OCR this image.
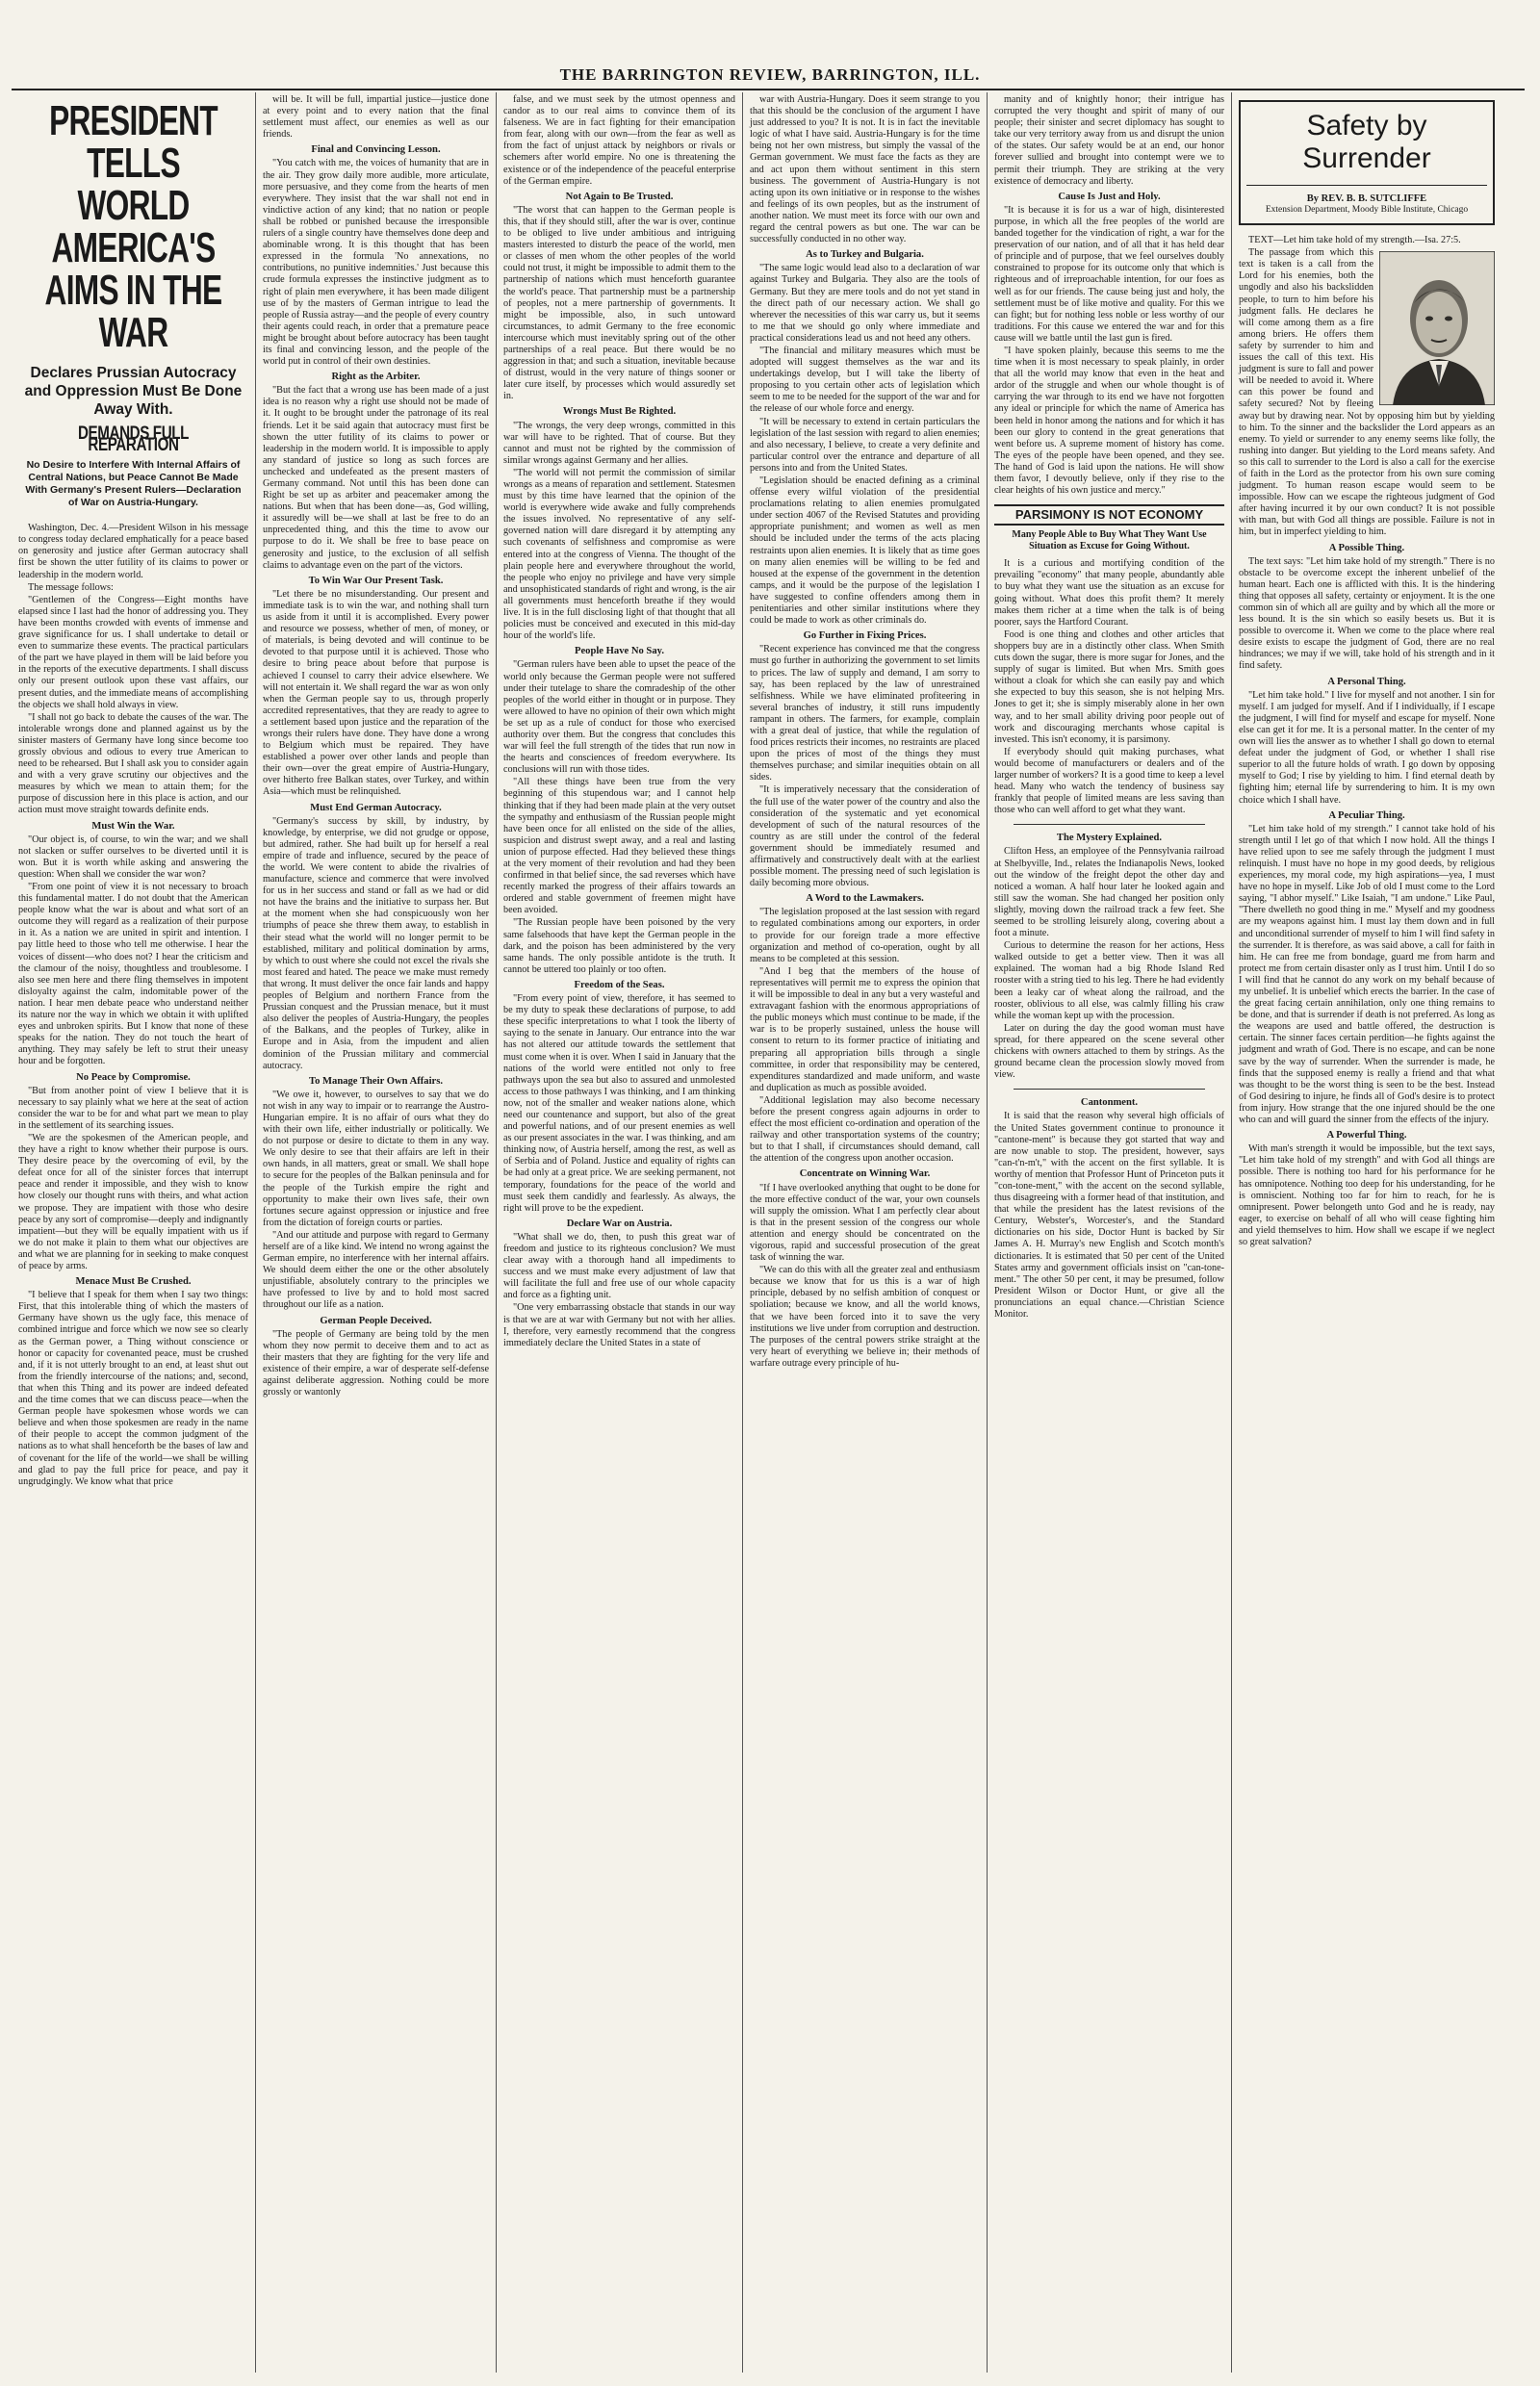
THE BARRINGTON REVIEW, BARRINGTON, ILL.
PRESIDENT TELLS
WORLD AMERICA'S
AIMS IN THE WAR
Declares Prussian Autocracy and Oppression Must Be Done Away With.
DEMANDS FULL REPARATION
No Desire to Interfere With Internal Affairs of Central Nations, but Peace Cannot Be Made With Germany's Present Rulers—Declaration of War on Austria-Hungary.

Washington, Dec. 4.—President Wilson in his message to congress today declared emphatically for a peace based on generosity and justice after German autocracy shall first be shown the utter futility of its claims to power or leadership in the modern world.

The message follows:

"Gentlemen of the Congress—Eight months have elapsed since I last had the honor of addressing you. They have been months crowded with events of immense and grave significance for us. I shall undertake to detail or even to summarize these events. The practical particulars of the part we have played in them will be laid before you in the reports of the executive departments. I shall discuss only our present outlook upon these vast affairs, our present duties, and the immediate means of accomplishing the objects we shall hold always in view.

"I shall not go back to debate the causes of the war. The intolerable wrongs done and planned against us by the sinister masters of Germany have long since become too grossly obvious and odious to every true American to need to be rehearsed. But I shall ask you to consider again and with a very grave scrutiny our objectives and the measures by which we mean to attain them; for the purpose of discussion here in this place is action, and our action must move straight towards definite ends.

Must Win the War.

"Our object is, of course, to win the war; and we shall not slacken or suffer ourselves to be diverted until it is won. But it is worth while asking and answering the question: When shall we consider the war won?

"From one point of view it is not necessary to broach this fundamental matter. I do not doubt that the American people know what the war is about and what sort of an outcome they will regard as a realization of their purpose in it. As a nation we are united in spirit and intention. I pay little heed to those who tell me otherwise. I hear the voices of dissent—who does not? I hear the criticism and the clamour of the noisy, thoughtless and troublesome. I also see men here and there fling themselves in impotent disloyalty against the calm, indomitable power of the nation. I hear men debate peace who understand neither its nature nor the way in which we obtain it with uplifted eyes and unbroken spirits. But I know that none of these speaks for the nation. They do not touch the heart of anything. They may safely be left to strut their uneasy hour and be forgotten.

No Peace by Compromise.

"But from another point of view I believe that it is necessary to say plainly what we here at the seat of action consider the war to be for and what part we mean to play in the settlement of its searching issues.

"We are the spokesmen of the American people, and they have a right to know whether their purpose is ours. They desire peace by the overcoming of evil, by the defeat once for all of the sinister forces that interrupt peace and render it impossible, and they wish to know how closely our thought runs with theirs, and what action we propose. They are impatient with those who desire peace by any sort of compromise—deeply and indignantly impatient—but they will be equally impatient with us if we do not make it plain to them what our objectives are and what we are planning for in seeking to make conquest of peace by arms.

Menace Must Be Crushed.

"I believe that I speak for them when I say two things: First, that this intolerable thing of which the masters of Germany have shown us the ugly face, this menace of combined intrigue and force which we now see so clearly as the German power, a Thing without conscience or honor or capacity for covenanted peace, must be crushed and, if it is not utterly brought to an end, at least shut out from the friendly intercourse of the nations; and, second, that when this Thing and its power are indeed defeated and the time comes that we can discuss peace—when the German people have spokesmen whose words we can believe and when those spokesmen are ready in the name of their people to accept the common judgment of the nations as to what shall henceforth be the bases of law and of covenant for the life of the world—we shall be willing and glad to pay the full price for peace, and pay it ungrudgingly. We know what that price

will be. It will be full, impartial justice—justice done at every point and to every nation that the final settlement must affect, our enemies as well as our friends.

Final and Convincing Lesson.

"You catch with me, the voices of humanity that are in the air. They grow daily more audible, more articulate, more persuasive, and they come from the hearts of men everywhere. They insist that the war shall not end in vindictive action of any kind; that no nation or people shall be robbed or punished because the irresponsible rulers of a single country have themselves done deep and abominable wrong. It is this thought that has been expressed in the formula 'No annexations, no contributions, no punitive indemnities.' Just because this crude formula expresses the instinctive judgment as to right of plain men everywhere, it has been made diligent use of by the masters of German intrigue to lead the people of Russia astray—and the people of every country their agents could reach, in order that a premature peace might be brought about before autocracy has been taught its final and convincing lesson, and the people of the world put in control of their own destinies.

Right as the Arbiter.

"But the fact that a wrong use has been made of a just idea is no reason why a right use should not be made of it. It ought to be brought under the patronage of its real friends. Let it be said again that autocracy must first be shown the utter futility of its claims to power or leadership in the modern world. It is impossible to apply any standard of justice so long as such forces are unchecked and undefeated as the present masters of Germany command. Not until this has been done can Right be set up as arbiter and peacemaker among the nations. But when that has been done—as, God willing, it assuredly will be—we shall at last be free to do an unprecedented thing, and this the time to avow our purpose to do it. We shall be free to base peace on generosity and justice, to the exclusion of all selfish claims to advantage even on the part of the victors.

To Win War Our Present Task.

"Let there be no misunderstanding. Our present and immediate task is to win the war, and nothing shall turn us aside from it until it is accomplished. Every power and resource we possess, whether of men, of money, or of materials, is being devoted and will continue to be devoted to that purpose until it is achieved. Those who desire to bring peace about before that purpose is achieved I counsel to carry their advice elsewhere. We will not entertain it. We shall regard the war as won only when the German people say to us, through properly accredited representatives, that they are ready to agree to a settlement based upon justice and the reparation of the wrongs their rulers have done. They have done a wrong to Belgium which must be repaired. They have established a power over other lands and people than their own—over the great empire of Austria-Hungary, over hitherto free Balkan states, over Turkey, and within Asia—which must be relinquished.

Must End German Autocracy.

"Germany's success by skill, by industry, by knowledge, by enterprise, we did not grudge or oppose, but admired, rather. She had built up for herself a real empire of trade and influence, secured by the peace of the world. We were content to abide the rivalries of manufacture, science and commerce that were involved for us in her success and stand or fall as we had or did not have the brains and the initiative to surpass her. But at the moment when she had conspicuously won her triumphs of peace she threw them away, to establish in their stead what the world will no longer permit to be established, military and political domination by arms, by which to oust where she could not excel the rivals she most feared and hated. The peace we make must remedy that wrong. It must deliver the once fair lands and happy peoples of Belgium and northern France from the Prussian conquest and the Prussian menace, but it must also deliver the peoples of Austria-Hungary, the peoples of the Balkans, and the peoples of Turkey, alike in Europe and in Asia, from the impudent and alien dominion of the Prussian military and commercial autocracy.

To Manage Their Own Affairs.

"We owe it, however, to ourselves to say that we do not wish in any way to impair or to rearrange the Austro-Hungarian empire. It is no affair of ours what they do with their own life, either industrially or politically. We do not purpose or desire to dictate to them in any way. We only desire to see that their affairs are left in their own hands, in all matters, great or small. We shall hope to secure for the peoples of the Balkan peninsula and for the people of the Turkish empire the right and opportunity to make their own lives safe, their own fortunes secure against oppression or injustice and free from the dictation of foreign courts or parties.

"And our attitude and purpose with regard to Germany herself are of a like kind. We intend no wrong against the German empire, no interference with her internal affairs. We should deem either the one or the other absolutely unjustifiable, absolutely contrary to the principles we have professed to live by and to hold most sacred throughout our life as a nation.

German People Deceived.

"The people of Germany are being told by the men whom they now permit to deceive them and to act as their masters that they are fighting for the very life and existence of their empire, a war of desperate self-defense against deliberate aggression. Nothing could be more grossly or wantonly

false, and we must seek by the utmost openness and candor as to our real aims to convince them of its falseness. We are in fact fighting for their emancipation from fear, along with our own—from the fear as well as from the fact of unjust attack by neighbors or rivals or schemers after world empire. No one is threatening the existence or of the independence of the peaceful enterprise of the German empire.

Not Again to Be Trusted.

"The worst that can happen to the German people is this, that if they should still, after the war is over, continue to be obliged to live under ambitious and intriguing masters interested to disturb the peace of the world, men or classes of men whom the other peoples of the world could not trust, it might be impossible to admit them to the partnership of nations which must henceforth guarantee the world's peace. That partnership must be a partnership of peoples, not a mere partnership of governments. It might be impossible, also, in such untoward circumstances, to admit Germany to the free economic intercourse which must inevitably spring out of the other partnerships of a real peace. But there would be no aggression in that; and such a situation, inevitable because of distrust, would in the very nature of things sooner or later cure itself, by processes which would assuredly set in.

Wrongs Must Be Righted.

"The wrongs, the very deep wrongs, committed in this war will have to be righted. That of course. But they cannot and must not be righted by the commission of similar wrongs against Germany and her allies.

"The world will not permit the commission of similar wrongs as a means of reparation and settlement. Statesmen must by this time have learned that the opinion of the world is everywhere wide awake and fully comprehends the issues involved. No representative of any self-governed nation will dare disregard it by attempting any such covenants of selfishness and compromise as were entered into at the congress of Vienna. The thought of the plain people here and everywhere throughout the world, the people who enjoy no privilege and have very simple and unsophisticated standards of right and wrong, is the air all governments must henceforth breathe if they would live. It is in the full disclosing light of that thought that all policies must be conceived and executed in this mid-day hour of the world's life.

People Have No Say.

"German rulers have been able to upset the peace of the world only because the German people were not suffered under their tutelage to share the comradeship of the other peoples of the world either in thought or in purpose. They were allowed to have no opinion of their own which might be set up as a rule of conduct for those who exercised authority over them. But the congress that concludes this war will feel the full strength of the tides that run now in the hearts and consciences of freedom everywhere. Its conclusions will run with those tides.

"All these things have been true from the very beginning of this stupendous war; and I cannot help thinking that if they had been made plain at the very outset the sympathy and enthusiasm of the Russian people might have been once for all enlisted on the side of the allies, suspicion and distrust swept away, and a real and lasting union of purpose effected. Had they believed these things at the very moment of their revolution and had they been confirmed in that belief since, the sad reverses which have recently marked the progress of their affairs towards an ordered and stable government of freemen might have been avoided.

"The Russian people have been poisoned by the very same falsehoods that have kept the German people in the dark, and the poison has been administered by the very same hands. The only possible antidote is the truth. It cannot be uttered too plainly or too often.

Freedom of the Seas.

"From every point of view, therefore, it has seemed to be my duty to speak these declarations of purpose, to add these specific interpretations to what I took the liberty of saying to the senate in January. Our entrance into the war has not altered our attitude towards the settlement that must come when it is over. When I said in January that the nations of the world were entitled not only to free pathways upon the sea but also to assured and unmolested access to those pathways I was thinking, and I am thinking now, not of the smaller and weaker nations alone, which need our countenance and support, but also of the great and powerful nations, and of our present enemies as well as our present associates in the war. I was thinking, and am thinking now, of Austria herself, among the rest, as well as of Serbia and of Poland. Justice and equality of rights can be had only at a great price. We are seeking permanent, not temporary, foundations for the peace of the world and must seek them candidly and fearlessly. As always, the right will prove to be the expedient.

Declare War on Austria.

"What shall we do, then, to push this great war of freedom and justice to its righteous conclusion? We must clear away with a thorough hand all impediments to success and we must make every adjustment of law that will facilitate the full and free use of our whole capacity and force as a fighting unit.

"One very embarrassing obstacle that stands in our way is that we are at war with Germany but not with her allies. I, therefore, very earnestly recommend that the congress immediately declare the United States in a state of

war with Austria-Hungary. Does it seem strange to you that this should be the conclusion of the argument I have just addressed to you? It is not. It is in fact the inevitable logic of what I have said. Austria-Hungary is for the time being not her own mistress, but simply the vassal of the German government. We must face the facts as they are and act upon them without sentiment in this stern business. The government of Austria-Hungary is not acting upon its own initiative or in response to the wishes and feelings of its own peoples, but as the instrument of another nation. We must meet its force with our own and regard the central powers as but one. The war can be successfully conducted in no other way.

As to Turkey and Bulgaria.

"The same logic would lead also to a declaration of war against Turkey and Bulgaria. They also are the tools of Germany. But they are mere tools and do not yet stand in the direct path of our necessary action. We shall go wherever the necessities of this war carry us, but it seems to me that we should go only where immediate and practical considerations lead us and not heed any others.

"The financial and military measures which must be adopted will suggest themselves as the war and its undertakings develop, but I will take the liberty of proposing to you certain other acts of legislation which seem to me to be needed for the support of the war and for the release of our whole force and energy.

"It will be necessary to extend in certain particulars the legislation of the last session with regard to alien enemies; and also necessary, I believe, to create a very definite and particular control over the entrance and departure of all persons into and from the United States.

"Legislation should be enacted defining as a criminal offense every wilful violation of the presidential proclamations relating to alien enemies promulgated under section 4067 of the Revised Statutes and providing appropriate punishment; and women as well as men should be included under the terms of the acts placing restraints upon alien enemies. It is likely that as time goes on many alien enemies will be willing to be fed and housed at the expense of the government in the detention camps, and it would be the purpose of the legislation I have suggested to confine offenders among them in penitentiaries and other similar institutions where they could be made to work as other criminals do.

Go Further in Fixing Prices.

"Recent experience has convinced me that the congress must go further in authorizing the government to set limits to prices. The law of supply and demand, I am sorry to say, has been replaced by the law of unrestrained selfishness. While we have eliminated profiteering in several branches of industry, it still runs impudently rampant in others. The farmers, for example, complain with a great deal of justice, that while the regulation of food prices restricts their incomes, no restraints are placed upon the prices of most of the things they must themselves purchase; and similar inequities obtain on all sides.

"It is imperatively necessary that the consideration of the full use of the water power of the country and also the consideration of the systematic and yet economical development of such of the natural resources of the country as are still under the control of the federal government should be immediately resumed and affirmatively and constructively dealt with at the earliest possible moment. The pressing need of such legislation is daily becoming more obvious.

A Word to the Lawmakers.

"The legislation proposed at the last session with regard to regulated combinations among our exporters, in order to provide for our foreign trade a more effective organization and method of co-operation, ought by all means to be completed at this session.

"And I beg that the members of the house of representatives will permit me to express the opinion that it will be impossible to deal in any but a very wasteful and extravagant fashion with the enormous appropriations of the public moneys which must continue to be made, if the war is to be properly sustained, unless the house will consent to return to its former practice of initiating and preparing all appropriation bills through a single committee, in order that responsibility may be centered, expenditures standardized and made uniform, and waste and duplication as much as possible avoided.

"Additional legislation may also become necessary before the present congress again adjourns in order to effect the most efficient co-ordination and operation of the railway and other transportation systems of the country; but to that I shall, if circumstances should demand, call the attention of the congress upon another occasion.

Concentrate on Winning War.

"If I have overlooked anything that ought to be done for the more effective conduct of the war, your own counsels will supply the omission. What I am perfectly clear about is that in the present session of the congress our whole attention and energy should be concentrated on the vigorous, rapid and successful prosecution of the great task of winning the war.

"We can do this with all the greater zeal and enthusiasm because we know that for us this is a war of high principle, debased by no selfish ambition of conquest or spoliation; because we know, and all the world knows, that we have been forced into it to save the very institutions we live under from corruption and destruction. The purposes of the central powers strike straight at the very heart of everything we believe in; their methods of warfare outrage every principle of hu-

manity and of knightly honor; their intrigue has corrupted the very thought and spirit of many of our people; their sinister and secret diplomacy has sought to take our very territory away from us and disrupt the union of the states. Our safety would be at an end, our honor forever sullied and brought into contempt were we to permit their triumph. They are striking at the very existence of democracy and liberty.

Cause Is Just and Holy.

"It is because it is for us a war of high, disinterested purpose, in which all the free peoples of the world are banded together for the vindication of right, a war for the preservation of our nation, and of all that it has held dear of principle and of purpose, that we feel ourselves doubly constrained to propose for its outcome only that which is righteous and of irreproachable intention, for our foes as well as for our friends. The cause being just and holy, the settlement must be of like motive and quality. For this we can fight; but for nothing less noble or less worthy of our traditions. For this cause we entered the war and for this cause will we battle until the last gun is fired.

"I have spoken plainly, because this seems to me the time when it is most necessary to speak plainly, in order that all the world may know that even in the heat and ardor of the struggle and when our whole thought is of carrying the war through to its end we have not forgotten any ideal or principle for which the name of America has been held in honor among the nations and for which it has been our glory to contend in the great generations that went before us. A supreme moment of history has come. The eyes of the people have been opened, and they see. The hand of God is laid upon the nations. He will show them favor, I devoutly believe, only if they rise to the clear heights of his own justice and mercy."

PARSIMONY IS NOT ECONOMY
Many People Able to Buy What They Want Use Situation as Excuse for Going Without.

It is a curious and mortifying condition of the prevailing "economy" that many people, abundantly able to buy what they want use the situation as an excuse for going without. What does this profit them? It merely makes them richer at a time when the talk is of being poorer, says the Hartford Courant.

Food is one thing and clothes and other articles that shoppers buy are in a distinctly other class. When Smith cuts down the sugar, there is more sugar for Jones, and the supply of sugar is limited. But when Mrs. Smith goes without a cloak for which she can easily pay and which she expected to buy this season, she is not helping Mrs. Jones to get it; she is simply miserably alone in her own way, and to her small ability driving poor people out of work and discouraging merchants whose capital is invested. This isn't economy, it is parsimony.

If everybody should quit making purchases, what would become of manufacturers or dealers and of the larger number of workers? It is a good time to keep a level head. Many who watch the tendency of business say frankly that people of limited means are less saving than those who can well afford to get what they want.

The Mystery Explained.

Clifton Hess, an employee of the Pennsylvania railroad at Shelbyville, Ind., relates the Indianapolis News, looked out the window of the freight depot the other day and noticed a woman. A half hour later he looked again and still saw the woman. She had changed her position only slightly, moving down the railroad track a few feet. She seemed to be strolling leisurely along, covering about a foot a minute.

Curious to determine the reason for her actions, Hess walked outside to get a better view. Then it was all explained. The woman had a big Rhode Island Red rooster with a string tied to his leg. There he had evidently been a leaky car of wheat along the railroad, and the rooster, oblivious to all else, was calmly filling his craw while the woman kept up with the procession.

Later on during the day the good woman must have spread, for there appeared on the scene several other chickens with owners attached to them by strings. As the ground became clean the procession slowly moved from view.

Cantonment.

It is said that the reason why several high officials of the United States government continue to pronounce it "cantone-ment" is because they got started that way and are now unable to stop. The president, however, says "can-t'n-m't," with the accent on the first syllable. It is worthy of mention that Professor Hunt of Princeton puts it "con-tone-ment," with the accent on the second syllable, thus disagreeing with a former head of that institution, and that while the president has the latest revisions of the Century, Webster's, Worcester's, and the Standard dictionaries on his side, Doctor Hunt is backed by Sir James A. H. Murray's new English and Scotch month's dictionaries. It is estimated that 50 per cent of the United States army and government officials insist on "can-tone-ment." The other 50 per cent, it may be presumed, follow President Wilson or Doctor Hunt, or give all the pronunciations an equal chance.—Christian Science Monitor.

Safety by
Surrender
By REV. B. B. SUTCLIFFE
Extension Department, Moody Bible Institute, Chicago

TEXT—Let him take hold of my strength.—Isa. 27:5.

The passage from which this text is taken is a call from the Lord for his enemies, both the ungodly and also his backslidden people, to turn to him before his judgment falls. He declares he will come among them as a fire among briers. He offers them safety by surrender to him and issues the call of this text. His judgment is sure to fall and power will be needed to avoid it. Where can this power be found and safety secured? Not by fleeing away but by drawing near. Not by opposing him but by yielding to him. To the sinner and the backslider the Lord appears as an enemy. To yield or surrender to any enemy seems like folly, the rushing into danger. But yielding to the Lord means safety. And so this call to surrender to the Lord is also a call for the exercise of faith in the Lord as the protector from his own sure coming judgment. To human reason escape would seem to be impossible. How can we escape the righteous judgment of God after having incurred it by our own conduct? It is not possible with man, but with God all things are possible. Failure is not in him, but in imperfect yielding to him.

A Possible Thing.

The text says: "Let him take hold of my strength." There is no obstacle to be overcome except the inherent unbelief of the human heart. Each one is afflicted with this. It is the hindering thing that opposes all safety, certainty or enjoyment. It is the one common sin of which all are guilty and by which all the more or less bound. It is the sin which so easily besets us. But it is possible to overcome it. When we come to the place where real desire exists to escape the judgment of God, there are no real hindrances; we may if we will, take hold of his strength and in it find safety.

A Personal Thing.

"Let him take hold." I live for myself and not another. I sin for myself. I am judged for myself. And if I individually, if I escape the judgment, I will find for myself and escape for myself. None else can get it for me. It is a personal matter. In the center of my own will lies the answer as to whether I shall go down to eternal defeat under the judgment of God, or whether I shall rise superior to all the future holds of wrath. I go down by opposing myself to God; I rise by yielding to him. I find eternal death by fighting him; eternal life by surrendering to him. It is my own choice which I shall have.

A Peculiar Thing.

"Let him take hold of my strength." I cannot take hold of his strength until I let go of that which I now hold. All the things I have relied upon to see me safely through the judgment I must relinquish. I must have no hope in my good deeds, by religious experiences, my moral code, my high aspirations—yea, I must have no hope in myself. Like Job of old I must come to the Lord saying, "I abhor myself." Like Isaiah, "I am undone." Like Paul, "There dwelleth no good thing in me." Myself and my goodness are my weapons against him. I must lay them down and in full and unconditional surrender of myself to him I will find safety in the surrender. It is therefore, as was said above, a call for faith in him. He can free me from bondage, guard me from harm and protect me from certain disaster only as I trust him. Until I do so I will find that he cannot do any work on my behalf because of my unbelief. It is unbelief which erects the barrier. In the case of the great facing certain annihilation, only one thing remains to be done, and that is surrender if death is not preferred. As long as the weapons are used and battle offered, the destruction is certain. The sinner faces certain perdition—he fights against the judgment and wrath of God. There is no escape, and can be none save by the way of surrender. When the surrender is made, he finds that the supposed enemy is really a friend and that what was thought to be the worst thing is seen to be the best. Instead of God desiring to injure, he finds all of God's desire is to protect from injury. How strange that the one injured should be the one who can and will guard the sinner from the effects of the injury.

A Powerful Thing.

With man's strength it would be impossible, but the text says, "Let him take hold of my strength" and with God all things are possible. There is nothing too hard for his performance for he has omnipotence. Nothing too deep for his understanding, for he is omniscient. Nothing too far for him to reach, for he is omnipresent. Power belongeth unto God and he is ready, nay eager, to exercise on behalf of all who will cease fighting him and yield themselves to him. How shall we escape if we neglect so great salvation?
